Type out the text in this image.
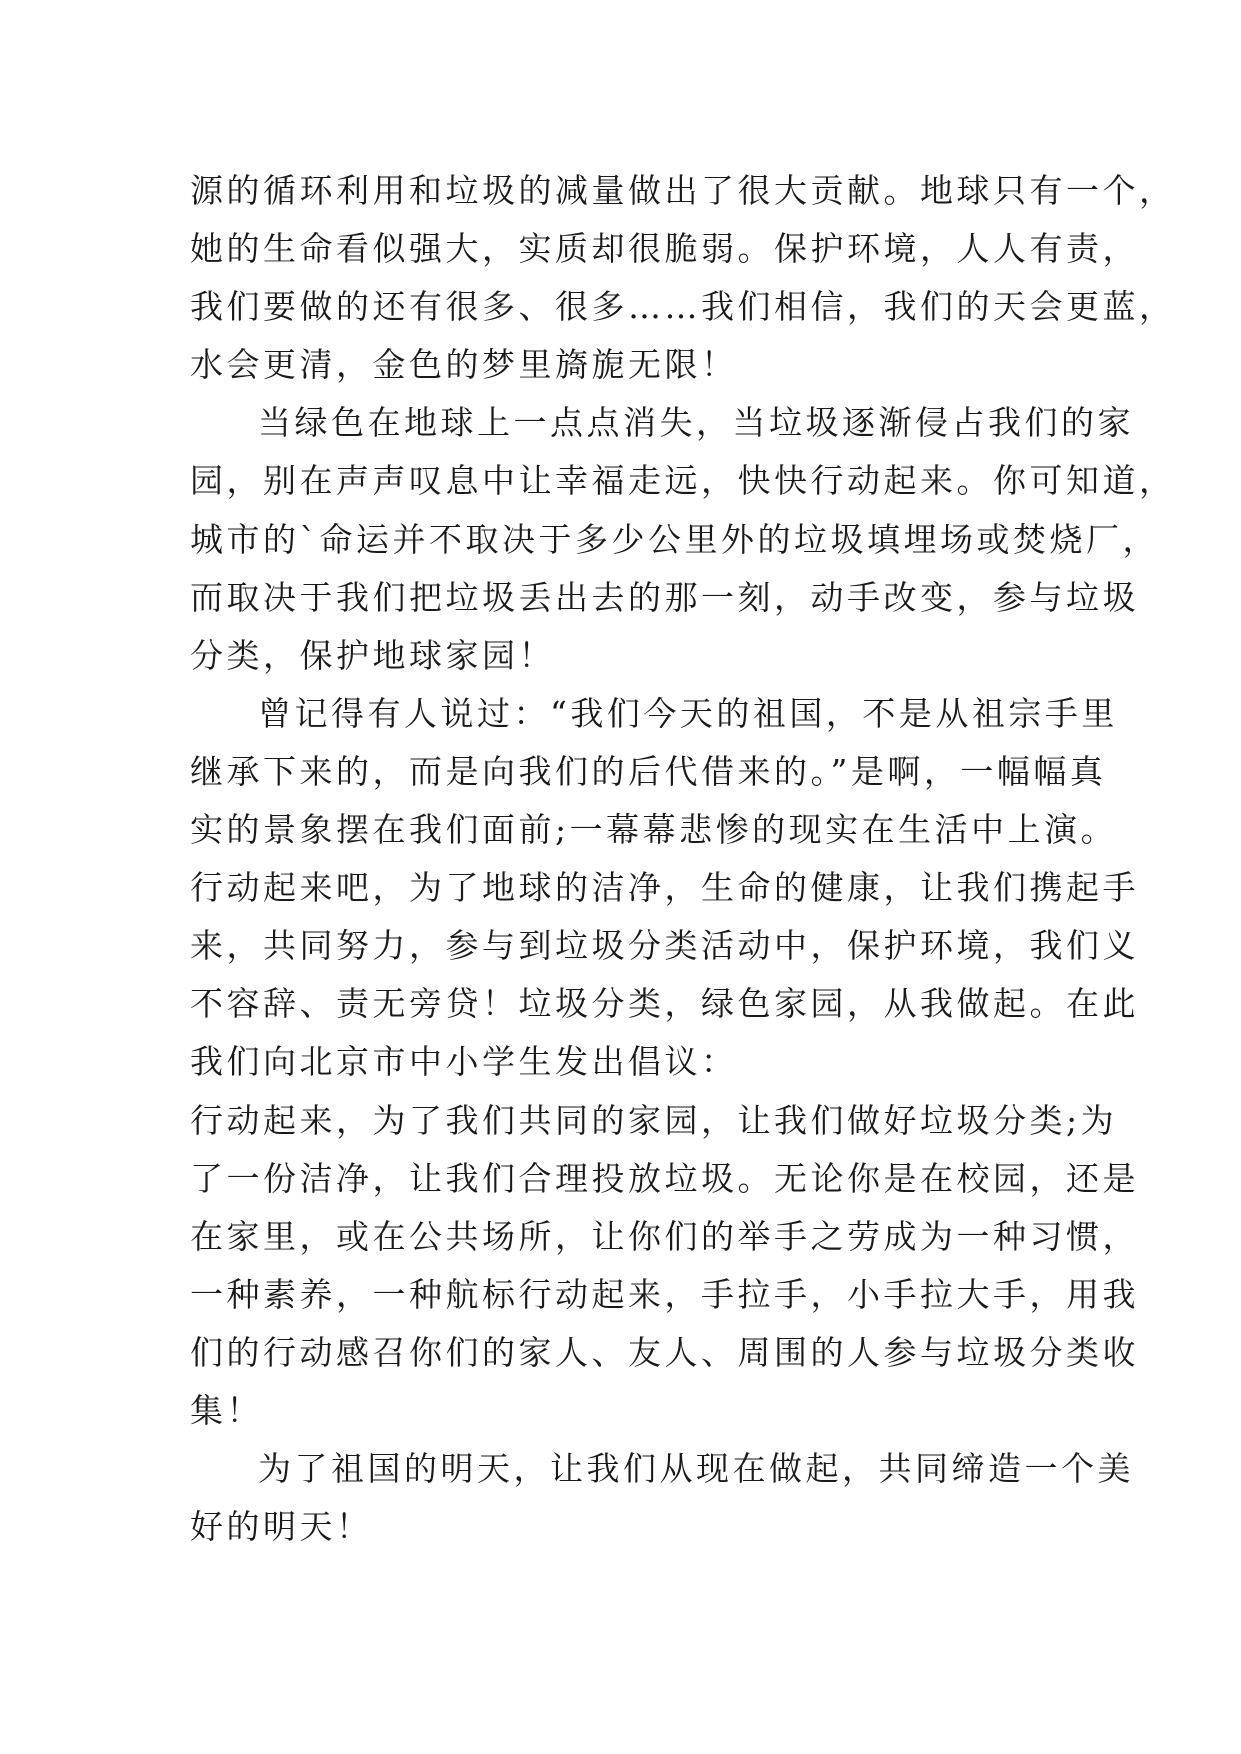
源的循环利用和垃圾的减量做出了很大贡献。地球只有一个，
她的生命看似强大，实质却很脆弱。保护环境，人人有责，
我们要做的还有很多、很多……我们相信，我们的天会更蓝，
水会更清，金色的梦里旖旎无限！
当绿色在地球上一点点消失，当垃圾逐渐侵占我们的家
园，别在声声叹息中让幸福走远，快快行动起来。你可知道，
城市的`命运并不取决于多少公里外的垃圾填埋场或焚烧厂，
而取决于我们把垃圾丢出去的那一刻，动手改变，参与垃圾
分类，保护地球家园！
曾记得有人说过：“我们今天的祖国，不是从祖宗手里
继承下来的，而是向我们的后代借来的。”是啊，一幅幅真
实的景象摆在我们面前;一幕幕悲惨的现实在生活中上演。
行动起来吧，为了地球的洁净，生命的健康，让我们携起手
来，共同努力，参与到垃圾分类活动中，保护环境，我们义
不容辞、责无旁贷！垃圾分类，绿色家园，从我做起。在此
我们向北京市中小学生发出倡议：
行动起来，为了我们共同的家园，让我们做好垃圾分类;为
了一份洁净，让我们合理投放垃圾。无论你是在校园，还是
在家里，或在公共场所，让你们的举手之劳成为一种习惯，
一种素养，一种航标行动起来，手拉手，小手拉大手，用我
们的行动感召你们的家人、友人、周围的人参与垃圾分类收
集！
为了祖国的明天，让我们从现在做起，共同缔造一个美
好的明天！
